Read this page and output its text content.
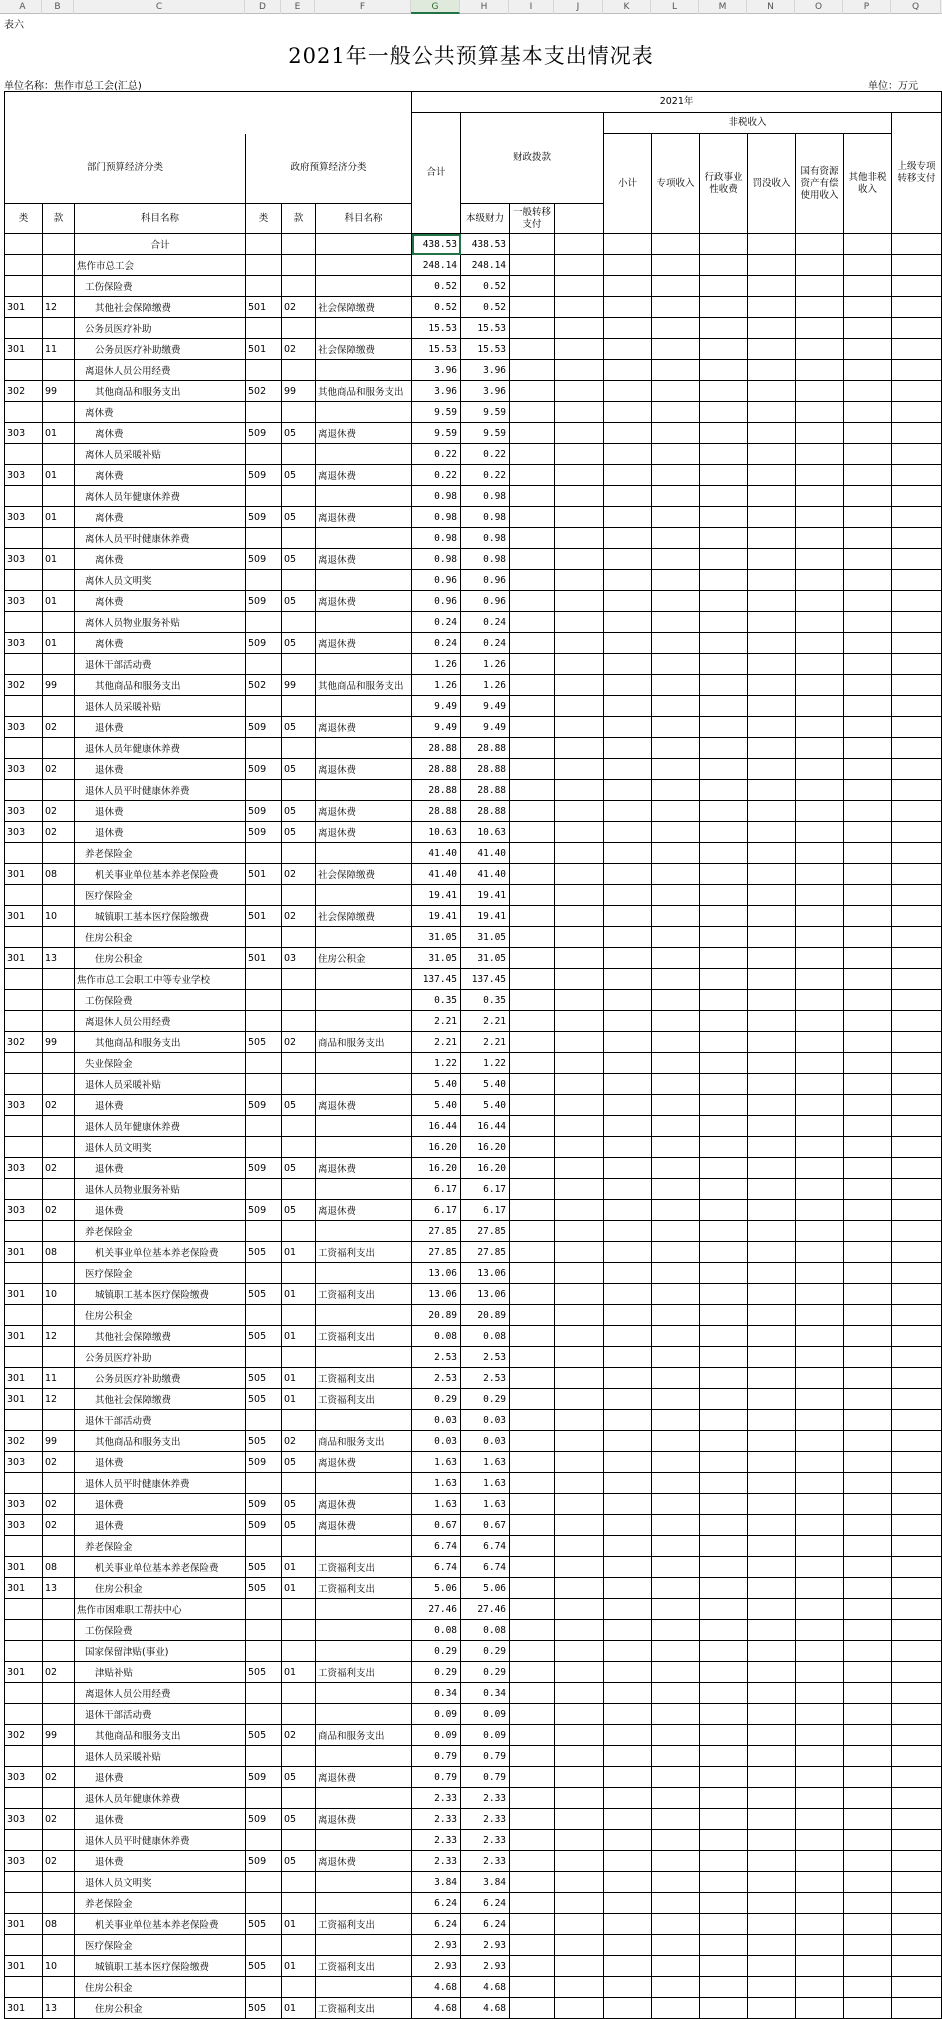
A	B	C	D	E	F	G	H	I	J	K	L	M	N	O	P	Q
表六
2021年一般公共预算基本支出情况表
单位名称：焦作市总工会(汇总)	单位：万元
						2021年											
						合计	财政拨款			非税收入						上级专项转移支付	
部门预算经济分类			政府预算经济分类							小计	专项收入	行政事业性收费	罚没收入	国有资源资产有偿使用收入	其他非税收入		
类	款	科目名称	类	款	科目名称		本级财力	一般转移支付									
		合计				438.53	438.53										
		焦作市总工会				248.14	248.14										
		工伤保险费				0.52	0.52										
301	12	其他社会保障缴费	501	02	社会保障缴费	0.52	0.52										
		公务员医疗补助				15.53	15.53										
301	11	公务员医疗补助缴费	501	02	社会保障缴费	15.53	15.53										
		离退休人员公用经费				3.96	3.96										
302	99	其他商品和服务支出	502	99	其他商品和服务支出	3.96	3.96										
		离休费				9.59	9.59										
303	01	离休费	509	05	离退休费	9.59	9.59										
		离休人员采暖补贴				0.22	0.22										
303	01	离休费	509	05	离退休费	0.22	0.22										
		离休人员年健康休养费				0.98	0.98										
303	01	离休费	509	05	离退休费	0.98	0.98										
		离休人员平时健康休养费				0.98	0.98										
303	01	离休费	509	05	离退休费	0.98	0.98										
		离休人员文明奖				0.96	0.96										
303	01	离休费	509	05	离退休费	0.96	0.96										
		离休人员物业服务补贴				0.24	0.24										
303	01	离休费	509	05	离退休费	0.24	0.24										
		退休干部活动费				1.26	1.26										
302	99	其他商品和服务支出	502	99	其他商品和服务支出	1.26	1.26										
		退休人员采暖补贴				9.49	9.49										
303	02	退休费	509	05	离退休费	9.49	9.49										
		退休人员年健康休养费				28.88	28.88										
303	02	退休费	509	05	离退休费	28.88	28.88										
		退休人员平时健康休养费				28.88	28.88										
303	02	退休费	509	05	离退休费	28.88	28.88										
303	02	退休费	509	05	离退休费	10.63	10.63										
		养老保险金				41.40	41.40										
301	08	机关事业单位基本养老保险费	501	02	社会保障缴费	41.40	41.40										
		医疗保险金				19.41	19.41										
301	10	城镇职工基本医疗保险缴费	501	02	社会保障缴费	19.41	19.41										
		住房公积金				31.05	31.05										
301	13	住房公积金	501	03	住房公积金	31.05	31.05										
		焦作市总工会职工中等专业学校				137.45	137.45										
		工伤保险费				0.35	0.35										
		离退休人员公用经费				2.21	2.21										
302	99	其他商品和服务支出	505	02	商品和服务支出	2.21	2.21										
		失业保险金				1.22	1.22										
		退休人员采暖补贴				5.40	5.40										
303	02	退休费	509	05	离退休费	5.40	5.40										
		退休人员年健康休养费				16.44	16.44										
		退休人员文明奖				16.20	16.20										
303	02	退休费	509	05	离退休费	16.20	16.20										
		退休人员物业服务补贴				6.17	6.17										
303	02	退休费	509	05	离退休费	6.17	6.17										
		养老保险金				27.85	27.85										
301	08	机关事业单位基本养老保险费	505	01	工资福利支出	27.85	27.85										
		医疗保险金				13.06	13.06										
301	10	城镇职工基本医疗保险缴费	505	01	工资福利支出	13.06	13.06										
		住房公积金				20.89	20.89										
301	12	其他社会保障缴费	505	01	工资福利支出	0.08	0.08										
		公务员医疗补助				2.53	2.53										
301	11	公务员医疗补助缴费	505	01	工资福利支出	2.53	2.53										
301	12	其他社会保障缴费	505	01	工资福利支出	0.29	0.29										
		退休干部活动费				0.03	0.03										
302	99	其他商品和服务支出	505	02	商品和服务支出	0.03	0.03										
303	02	退休费	509	05	离退休费	1.63	1.63										
		退休人员平时健康休养费				1.63	1.63										
303	02	退休费	509	05	离退休费	1.63	1.63										
303	02	退休费	509	05	离退休费	0.67	0.67										
		养老保险金				6.74	6.74										
301	08	机关事业单位基本养老保险费	505	01	工资福利支出	6.74	6.74										
301	13	住房公积金	505	01	工资福利支出	5.06	5.06										
		焦作市困难职工帮扶中心				27.46	27.46										
		工伤保险费				0.08	0.08										
		国家保留津贴(事业)				0.29	0.29										
301	02	津贴补贴	505	01	工资福利支出	0.29	0.29										
		离退休人员公用经费				0.34	0.34										
		退休干部活动费				0.09	0.09										
302	99	其他商品和服务支出	505	02	商品和服务支出	0.09	0.09										
		退休人员采暖补贴				0.79	0.79										
303	02	退休费	509	05	离退休费	0.79	0.79										
		退休人员年健康休养费				2.33	2.33										
303	02	退休费	509	05	离退休费	2.33	2.33										
		退休人员平时健康休养费				2.33	2.33										
303	02	退休费	509	05	离退休费	2.33	2.33										
		退休人员文明奖				3.84	3.84										
		养老保险金				6.24	6.24										
301	08	机关事业单位基本养老保险费	505	01	工资福利支出	6.24	6.24										
		医疗保险金				2.93	2.93										
301	10	城镇职工基本医疗保险缴费	505	01	工资福利支出	2.93	2.93										
		住房公积金				4.68	4.68										
301	13	住房公积金	505	01	工资福利支出	4.68	4.68										
